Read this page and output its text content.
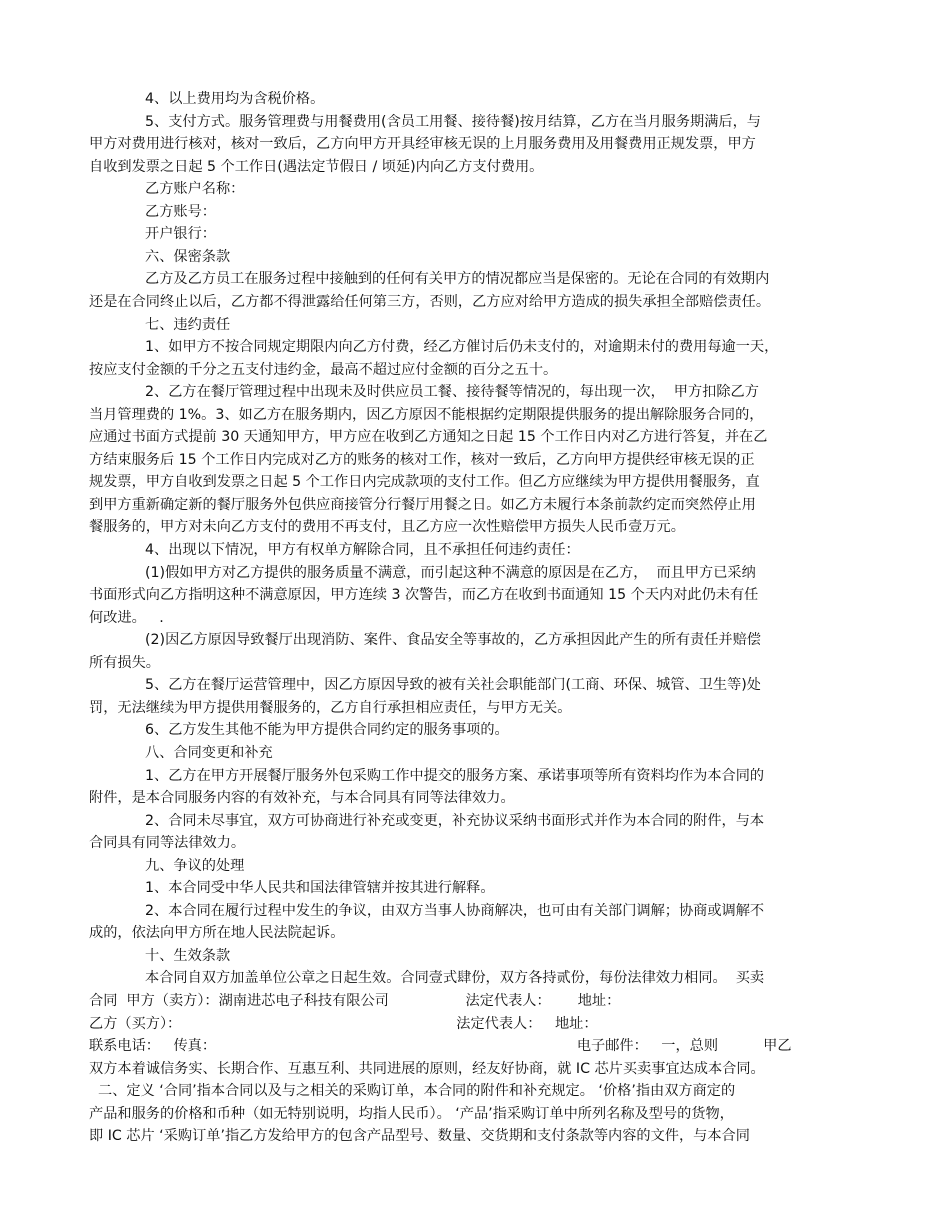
4、以上费用均为含税价格。
5、支付方式。服务管理费与用餐费用(含员工用餐、接待餐)按月结算，乙方在当月服务期满后，与
甲方对费用进行核对，核对一致后，乙方向甲方开具经审核无误的上月服务费用及用餐费用正规发票，甲方
自收到发票之日起 5 个工作日(遇法定节假日 / 顷延)内向乙方支付费用。
乙方账户名称：
乙方账号：
开户银行：
六、保密条款
乙方及乙方员工在服务过程中接触到的任何有关甲方的情况都应当是保密的。无论在合同的有效期内
还是在合同终止以后，乙方都不得泄露给任何第三方，否则，乙方应对给甲方造成的损失承担全部赔偿责任。
七、违约责任
1、如甲方不按合同规定期限内向乙方付费，经乙方催讨后仍未支付的，对逾期未付的费用每逾一天，
按应支付金额的千分之五支付违约金，最高不超过应付金额的百分之五十。
2、乙方在餐厅管理过程中出现未及时供应员工餐、接待餐等情况的，每出现一次，  甲方扣除乙方
当月管理费的 1%。3、如乙方在服务期内，因乙方原因不能根据约定期限提供服务的提出解除服务合同的，
应通过书面方式提前 30 天通知甲方，甲方应在收到乙方通知之日起 15 个工作日内对乙方进行答复，并在乙
方结束服务后 15 个工作日内完成对乙方的账务的核对工作，核对一致后，乙方向甲方提供经审核无误的正
规发票，甲方自收到发票之日起 5 个工作日内完成款项的支付工作。但乙方应继续为甲方提供用餐服务，直
到甲方重新确定新的餐厅服务外包供应商接管分行餐厅用餐之日。如乙方未履行本条前款约定而突然停止用
餐服务的，甲方对未向乙方支付的费用不再支付，且乙方应一次性赔偿甲方损失人民币壹万元。
4、出现以下情况，甲方有权单方解除合同，且不承担任何违约责任：
(1)假如甲方对乙方提供的服务质量不满意，而引起这种不满意的原因是在乙方，  而且甲方已采纳
书面形式向乙方指明这种不满意原因，甲方连续 3 次警告，而乙方在收到书面通知 15 个天内对此仍未有任
何改进。   .
(2)因乙方原因导致餐厅出现消防、案件、食品安全等事故的，乙方承担因此产生的所有责任并赔偿
所有损失。
5、乙方在餐厅运营管理中，因乙方原因导致的被有关社会职能部门(工商、环保、城管、卫生等)处
罚，无法继续为甲方提供用餐服务的，乙方自行承担相应责任，与甲方无关。
6、乙方发生其他不能为甲方提供合同约定的服务事项的。
八、合同变更和补充
1、乙方在甲方开展餐厅服务外包采购工作中提交的服务方案、承诺事项等所有资料均作为本合同的
附件，是本合同服务内容的有效补充，与本合同具有同等法律效力。
2、合同未尽事宜，双方可协商进行补充或变更，补充协议采纳书面形式并作为本合同的附件，与本
合同具有同等法律效力。
九、争议的处理
1、本合同受中华人民共和国法律管辖并按其进行解释。
2、本合同在履行过程中发生的争议，由双方当事人协商解决，也可由有关部门调解；协商或调解不
成的，依法向甲方所在地人民法院起诉。
十、生效条款
本合同自双方加盖单位公章之日起生效。合同壹式肆份，双方各持贰份，每份法律效力相同。  买卖
合同  甲方（卖方）：湖南进芯电子科技有限公司                 法定代表人：      地址：
乙方（买方）：                                                             法定代表人：   地址：
联系电话：   传真：                                                                                电子邮件：   一，总则          甲乙
双方本着诚信务实、长期合作、互惠互利、共同进展的原则，经友好协商，就 IC 芯片买卖事宜达成本合同。
二、定义 ‘合同’指本合同以及与之相关的采购订单，本合同的附件和补充规定。 ‘价格’指由双方商定的
产品和服务的价格和币种（如无特别说明，均指人民币）。 ‘产品’指采购订单中所列名称及型号的货物，
即 IC 芯片 ‘采购订单’指乙方发给甲方的包含产品型号、数量、交货期和支付条款等内容的文件，与本合同
